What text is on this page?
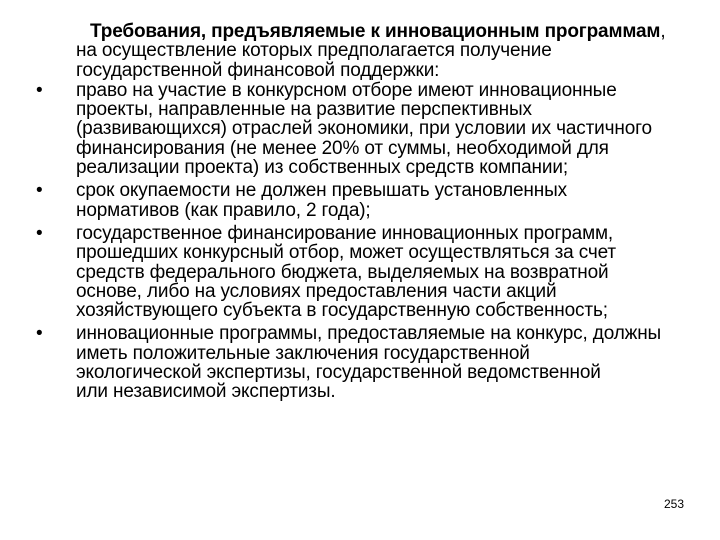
Требования, предъявляемые к инновационным программам, на осуществление которых предполагается получение государственной финансовой поддержки:

•	право на участие в конкурсном отборе имеют инновационные проекты, направленные на развитие перспективных (развивающихся) отраслей экономики, при условии их частичного финансирования (не менее 20% от суммы, необходимой для реализации проекта) из собственных средств компании;
•	срок окупаемости не должен превышать установленных нормативов (как правило, 2 года);
•	государственное финансирование инновационных программ, прошедших конкурсный отбор, может осуществляться за счет средств федерального бюджета, выделяемых на возвратной основе, либо на условиях предоставления части акций хозяйствующего субъекта в государственную собственность;
•	инновационные программы, предоставляемые на конкурс, должны иметь положительные заключения государственной
экологической экспертизы, государственной ведомственной
или независимой экспертизы.
253
